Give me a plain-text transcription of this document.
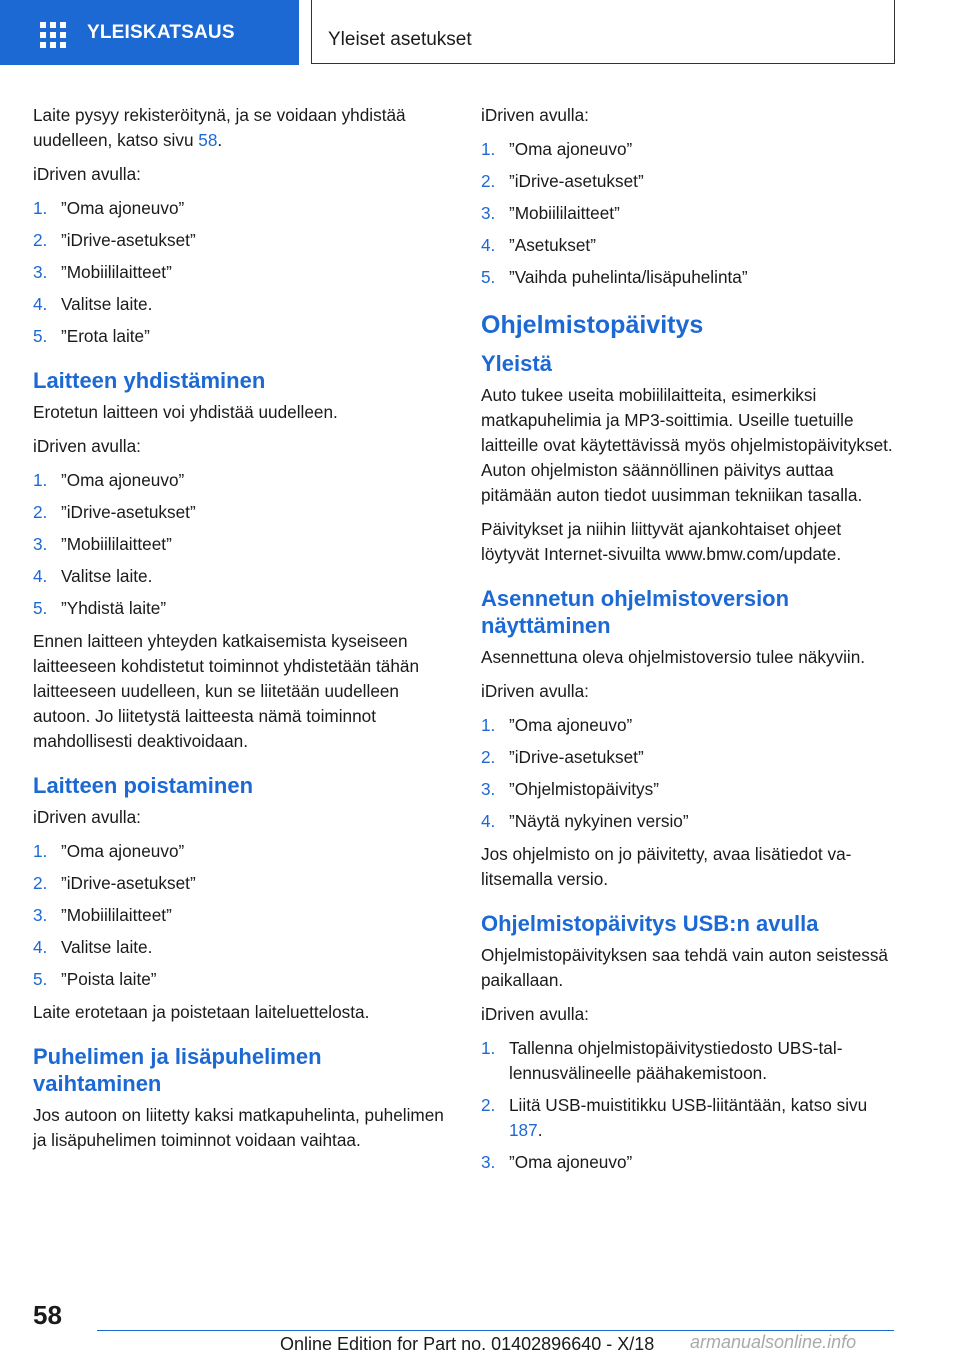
YLEISKATSAUS	Yleiset asetukset

Laite pysyy rekisteröitynä, ja se voidaan yhdistää uudelleen, katso sivu 58.

iDriven avulla:

1. ”Oma ajoneuvo”
2. ”iDrive-asetukset”
3. ”Mobiililaitteet”
4. Valitse laite.
5. ”Erota laite”
Laitteen yhdistäminen

Erotetun laitteen voi yhdistää uudelleen.

iDriven avulla:

1. ”Oma ajoneuvo”
2. ”iDrive-asetukset”
3. ”Mobiililaitteet”
4. Valitse laite.
5. ”Yhdistä laite”

Ennen laitteen yhteyden katkaisemista kyseiseen laitteeseen kohdistetut toiminnot yhdistetään tähän laitteeseen uudelleen, kun se liitetään uudelleen autoon. Jo liitetystä laitteesta nämä toiminnot mahdollisesti deaktivoidaan.

Laitteen poistaminen

iDriven avulla:

1. ”Oma ajoneuvo”
2. ”iDrive-asetukset”
3. ”Mobiililaitteet”
4. Valitse laite.
5. ”Poista laite”

Laite erotetaan ja poistetaan laiteluettelosta.

Puhelimen ja lisäpuhelimen vaihtaminen

Jos autoon on liitetty kaksi matkapuhelinta, puhelimen ja lisäpuhelimen toiminnot voidaan vaihtaa.

iDriven avulla:

1. ”Oma ajoneuvo”
2. ”iDrive-asetukset”
3. ”Mobiililaitteet”
4. ”Asetukset”
5. ”Vaihda puhelinta/lisäpuhelinta”
Ohjelmistopäivitys
Yleistä

Auto tukee useita mobiililaitteita, esimerkiksi matkapuhelimia ja MP3-soittimia. Useille tuetuille laitteille ovat käytettävissä myös ohjelmistopäivitykset. Auton ohjelmiston säännöllinen päivitys auttaa pitämään auton tiedot uusimman tekniikan tasalla.

Päivitykset ja niihin liittyvät ajankohtaiset ohjeet löytyvät Internet-sivuilta www.bmw.com/update.

Asennetun ohjelmistoversion näyttäminen

Asennettuna oleva ohjelmistoversio tulee näkyviin.

iDriven avulla:

1. ”Oma ajoneuvo”
2. ”iDrive-asetukset”
3. ”Ohjelmistopäivitys”
4. ”Näytä nykyinen versio”

Jos ohjelmisto on jo päivitetty, avaa lisätiedot valitsemalla versio.

Ohjelmistopäivitys USB:n avulla

Ohjelmistopäivityksen saa tehdä vain auton seistessä paikallaan.

iDriven avulla:

1. Tallenna ohjelmistopäivitystiedosto UBS-tallennusvälineelle päähakemistoon.
2. Liitä USB-muistitikku USB-liitäntään, katso sivu 187.
3. ”Oma ajoneuvo”
58
Online Edition for Part no. 01402896640 - X/18 armanualsonline.info
